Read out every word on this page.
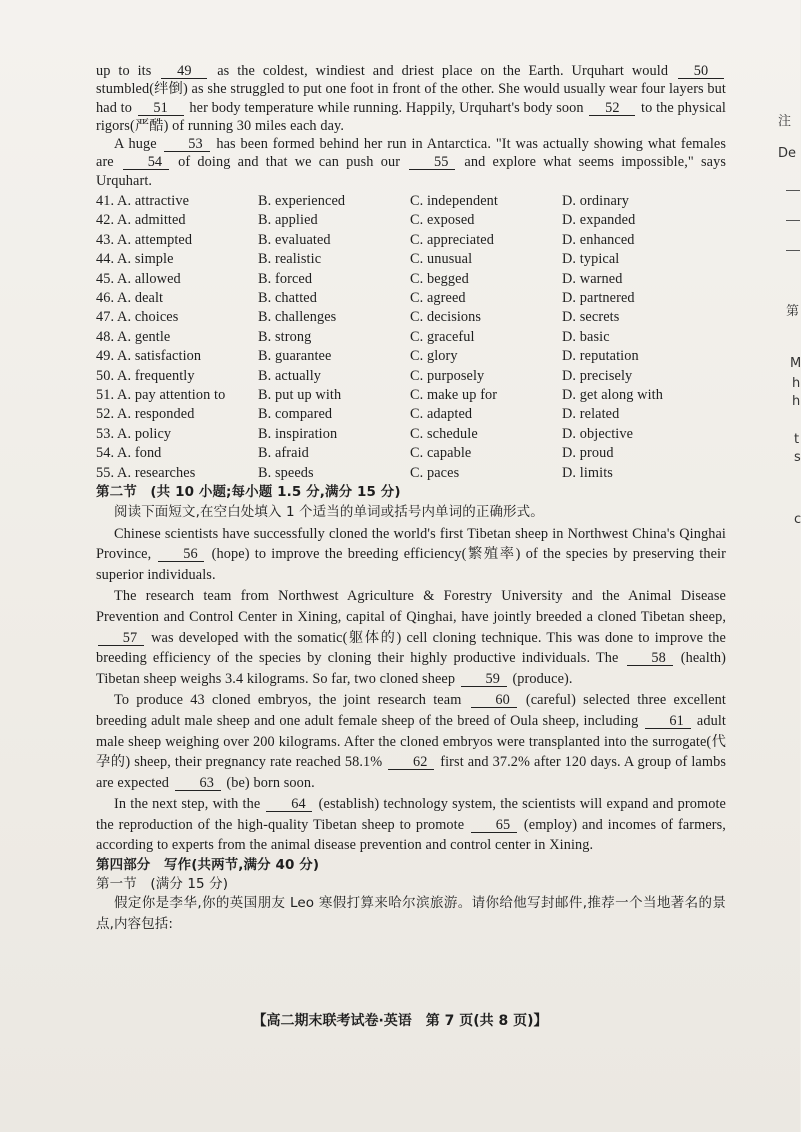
up to its 49 as the coldest, windiest and driest place on the Earth. Urquhart would 50 stumbled(绊倒) as she struggled to put one foot in front of the other. She would usually wear four layers but had to 51 her body temperature while running. Happily, Urquhart's body soon 52 to the physical rigors(严酷) of running 30 miles each day.

A huge 53 has been formed behind her run in Antarctica. "It was actually showing what females are 54 of doing and that we can push our 55 and explore what seems impossible," says Urquhart.

41. A. attractive	B. experienced	C. independent	D. ordinary
42. A. admitted	B. applied	C. exposed	D. expanded
43. A. attempted	B. evaluated	C. appreciated	D. enhanced
44. A. simple	B. realistic	C. unusual	D. typical
45. A. allowed	B. forced	C. begged	D. warned
46. A. dealt	B. chatted	C. agreed	D. partnered
47. A. choices	B. challenges	C. decisions	D. secrets
48. A. gentle	B. strong	C. graceful	D. basic
49. A. satisfaction	B. guarantee	C. glory	D. reputation
50. A. frequently	B. actually	C. purposely	D. precisely
51. A. pay attention to	B. put up with	C. make up for	D. get along with
52. A. responded	B. compared	C. adapted	D. related
53. A. policy	B. inspiration	C. schedule	D. objective
54. A. fond	B. afraid	C. capable	D. proud
55. A. researches	B. speeds	C. paces	D. limits

第二节　(共 10 小题;每小题 1.5 分,满分 15 分)

阅读下面短文,在空白处填入 1 个适当的单词或括号内单词的正确形式。

Chinese scientists have successfully cloned the world's first Tibetan sheep in Northwest China's Qinghai Province, 56 (hope) to improve the breeding efficiency(繁殖率) of the species by preserving their superior individuals.

The research team from Northwest Agriculture & Forestry University and the Animal Disease Prevention and Control Center in Xining, capital of Qinghai, have jointly breeded a cloned Tibetan sheep, 57 was developed with the somatic(躯体的) cell cloning technique. This was done to improve the breeding efficiency of the species by cloning their highly productive individuals. The 58 (health) Tibetan sheep weighs 3.4 kilograms. So far, two cloned sheep 59 (produce).

To produce 43 cloned embryos, the joint research team 60 (careful) selected three excellent breeding adult male sheep and one adult female sheep of the breed of Oula sheep, including 61 adult male sheep weighing over 200 kilograms. After the cloned embryos were transplanted into the surrogate(代孕的) sheep, their pregnancy rate reached 58.1% 62 first and 37.2% after 120 days. A group of lambs are expected 63 (be) born soon.

In the next step, with the 64 (establish) technology system, the scientists will expand and promote the reproduction of the high-quality Tibetan sheep to promote 65 (employ) and incomes of farmers, according to experts from the animal disease prevention and control center in Xining.

第四部分　写作(共两节,满分 40 分)

第一节　(满分 15 分)

假定你是李华,你的英国朋友 Leo 寒假打算来哈尔滨旅游。请你给他写封邮件,推荐一个当地著名的景点,内容包括:

【高二期末联考试卷·英语　第 7 页(共 8 页)】
注
De
第
M
h
h
t
s
c
